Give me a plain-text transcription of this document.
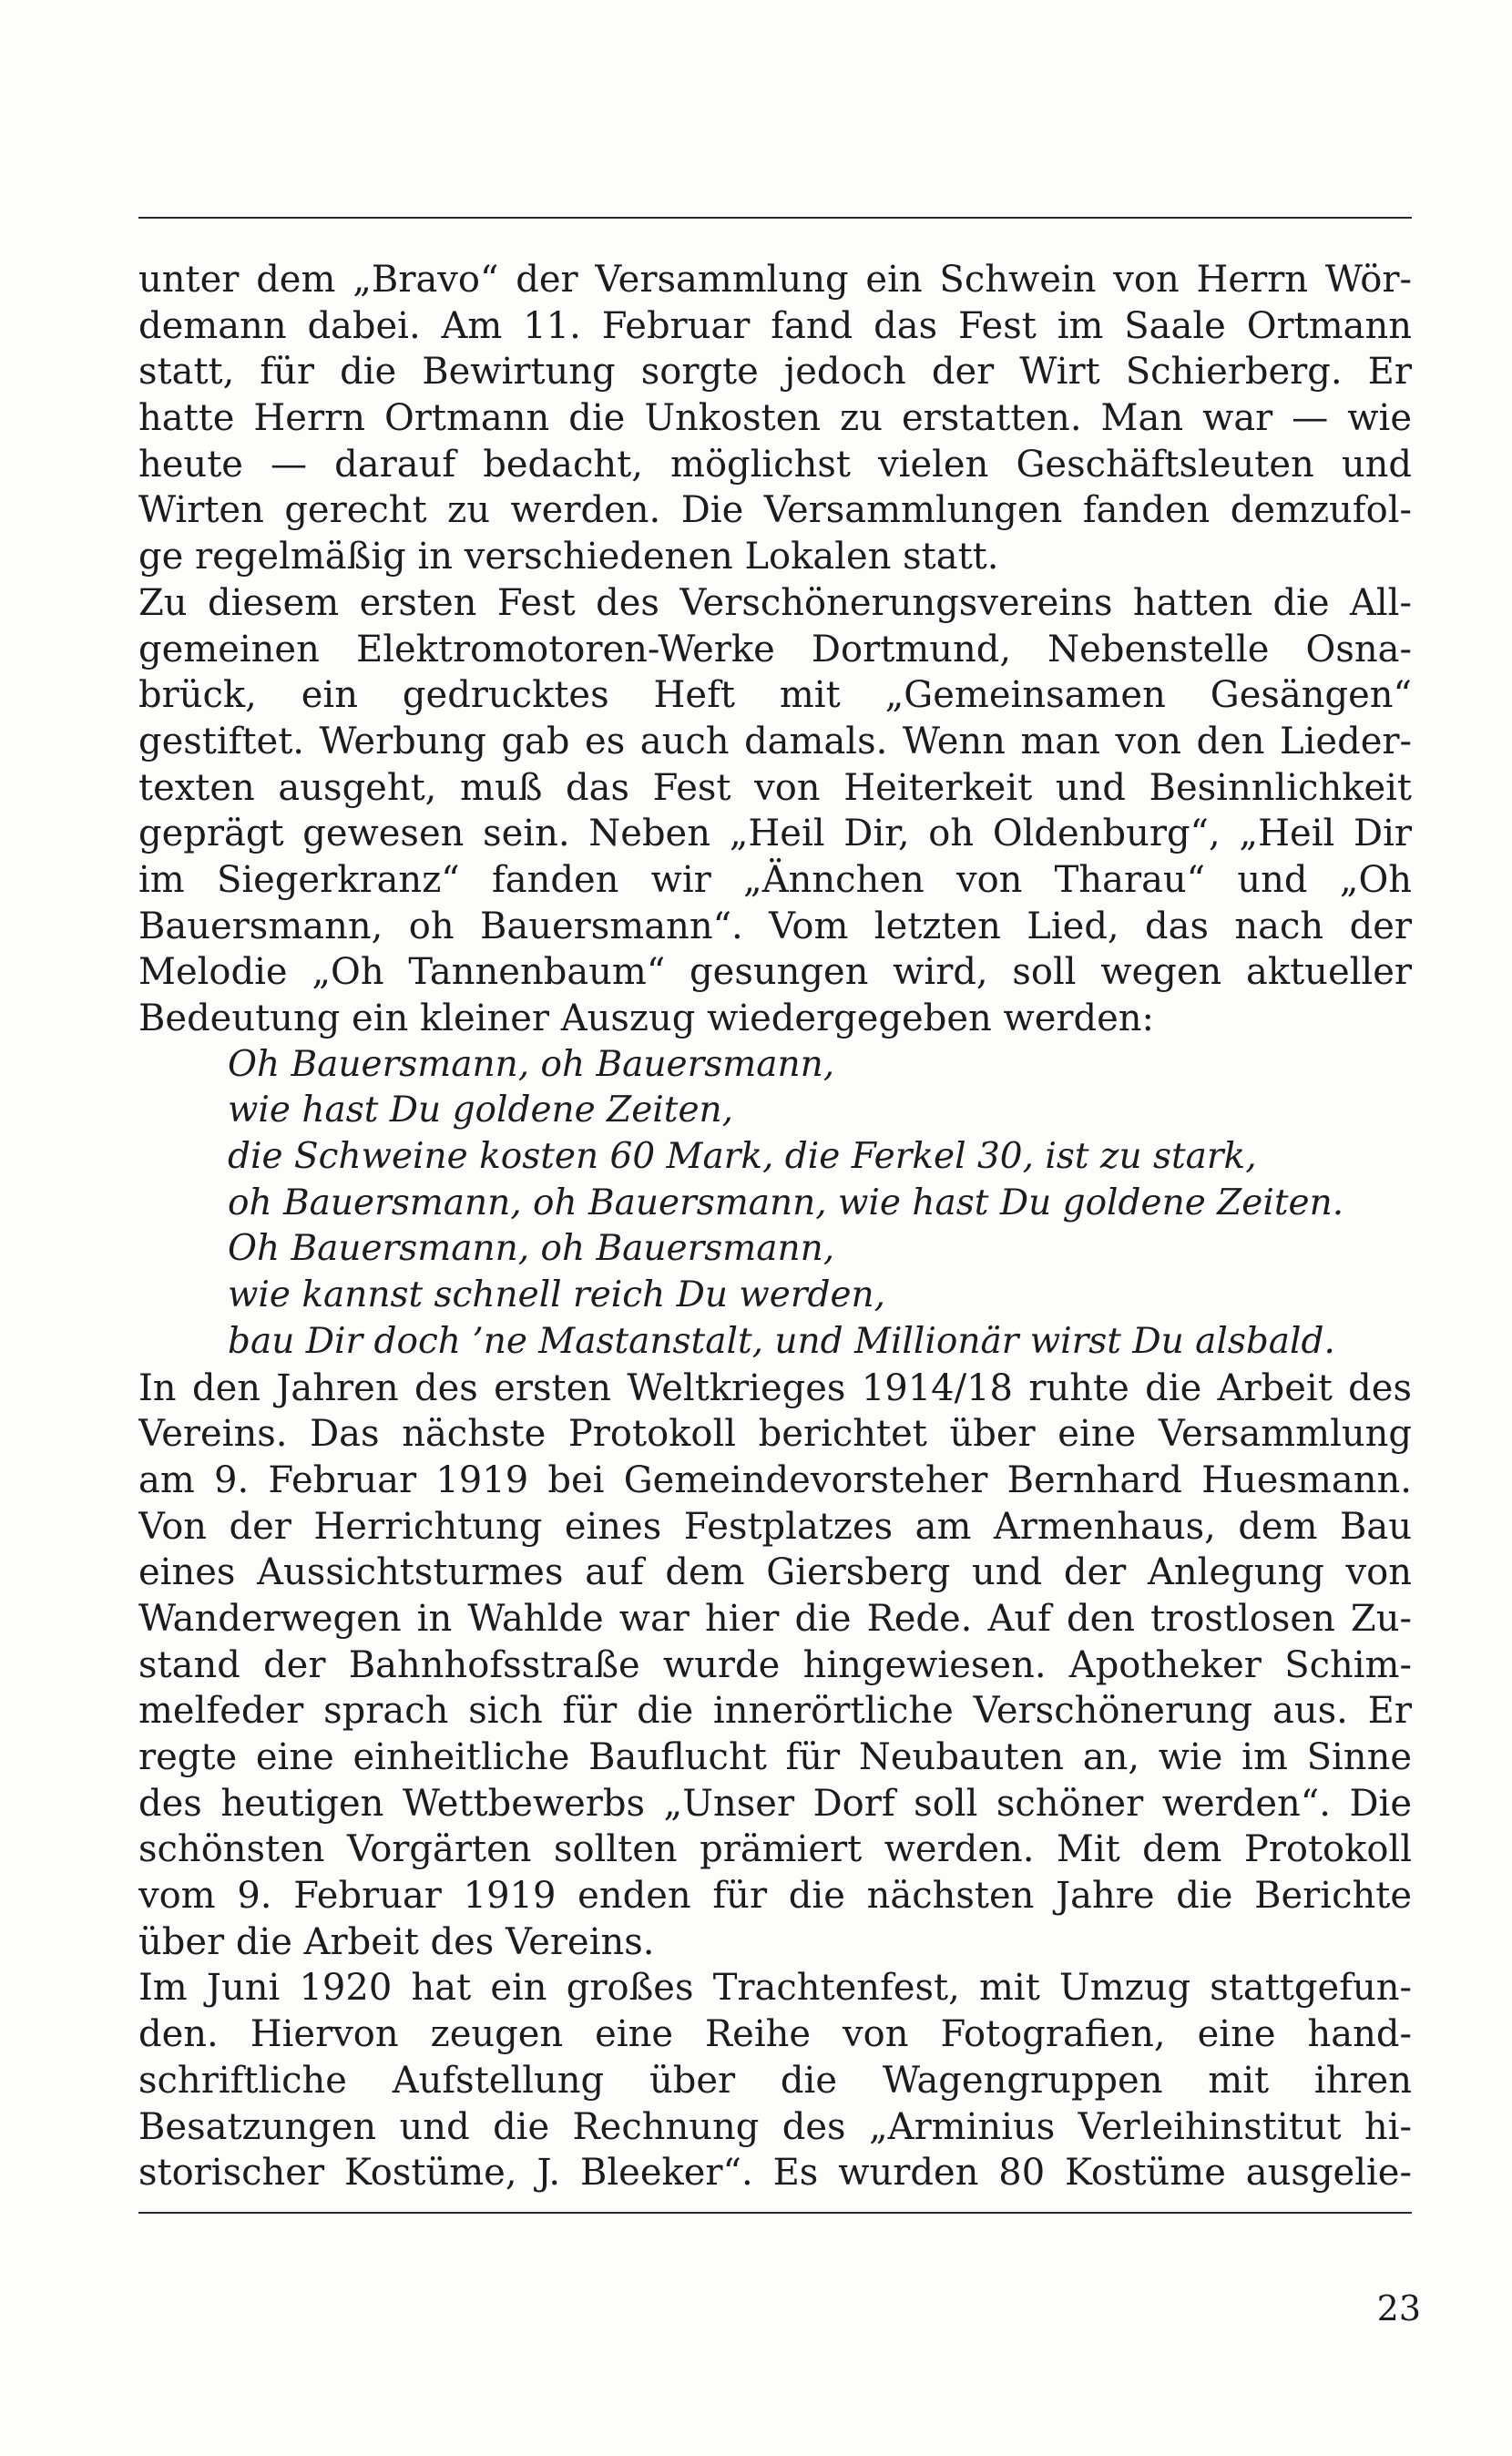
unter dem „Bravo“ der Versammlung ein Schwein von Herrn Wör-
demann dabei. Am 11. Februar fand das Fest im Saale Ortmann
statt, für die Bewirtung sorgte jedoch der Wirt Schierberg. Er
hatte Herrn Ortmann die Unkosten zu erstatten. Man war — wie
heute — darauf bedacht, möglichst vielen Geschäftsleuten und
Wirten gerecht zu werden. Die Versammlungen fanden demzufol-
ge regelmäßig in verschiedenen Lokalen statt.
Zu diesem ersten Fest des Verschönerungsvereins hatten die All-
gemeinen Elektromotoren-Werke Dortmund, Nebenstelle Osna-
brück, ein gedrucktes Heft mit „Gemeinsamen Gesängen“
gestiftet. Werbung gab es auch damals. Wenn man von den Lieder-
texten ausgeht, muß das Fest von Heiterkeit und Besinnlichkeit
geprägt gewesen sein. Neben „Heil Dir, oh Oldenburg“, „Heil Dir
im Siegerkranz“ fanden wir „Ännchen von Tharau“ und „Oh
Bauersmann, oh Bauersmann“. Vom letzten Lied, das nach der
Melodie „Oh Tannenbaum“ gesungen wird, soll wegen aktueller
Bedeutung ein kleiner Auszug wiedergegeben werden:
Oh Bauersmann, oh Bauersmann,
wie hast Du goldene Zeiten,
die Schweine kosten 60 Mark, die Ferkel 30, ist zu stark,
oh Bauersmann, oh Bauersmann, wie hast Du goldene Zeiten.
Oh Bauersmann, oh Bauersmann,
wie kannst schnell reich Du werden,
bau Dir doch ’ne Mastanstalt, und Millionär wirst Du alsbald.
In den Jahren des ersten Weltkrieges 1914/18 ruhte die Arbeit des
Vereins. Das nächste Protokoll berichtet über eine Versammlung
am 9. Februar 1919 bei Gemeindevorsteher Bernhard Huesmann.
Von der Herrichtung eines Festplatzes am Armenhaus, dem Bau
eines Aussichtsturmes auf dem Giersberg und der Anlegung von
Wanderwegen in Wahlde war hier die Rede. Auf den trostlosen Zu-
stand der Bahnhofsstraße wurde hingewiesen. Apotheker Schim-
melfeder sprach sich für die innerörtliche Verschönerung aus. Er
regte eine einheitliche Bauflucht für Neubauten an, wie im Sinne
des heutigen Wettbewerbs „Unser Dorf soll schöner werden“. Die
schönsten Vorgärten sollten prämiert werden. Mit dem Protokoll
vom 9. Februar 1919 enden für die nächsten Jahre die Berichte
über die Arbeit des Vereins.
Im Juni 1920 hat ein großes Trachtenfest, mit Umzug stattgefun-
den. Hiervon zeugen eine Reihe von Fotografien, eine hand-
schriftliche Aufstellung über die Wagengruppen mit ihren
Besatzungen und die Rechnung des „Arminius Verleihinstitut hi-
storischer Kostüme, J. Bleeker“. Es wurden 80 Kostüme ausgelie-
23
